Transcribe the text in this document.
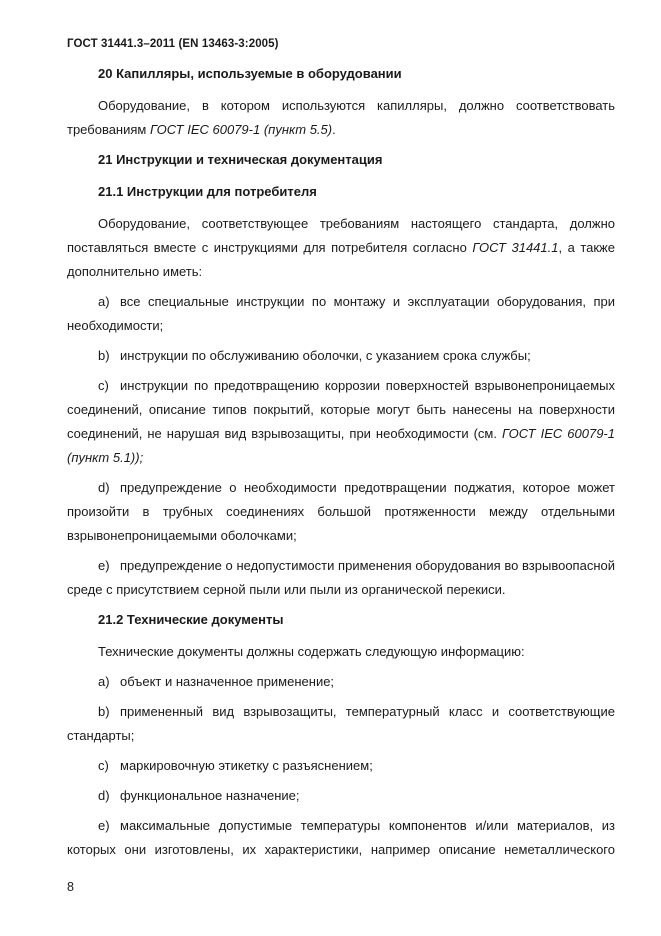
ГОСТ 31441.3–2011 (EN 13463-3:2005)

20 Капилляры, используемые в оборудовании

Оборудование, в котором используются капилляры, должно соответствовать требованиям ГОСТ IEC 60079-1 (пункт 5.5).

21 Инструкции и техническая документация

21.1 Инструкции для потребителя

Оборудование, соответствующее требованиям настоящего стандарта, должно поставляться вместе с инструкциями для потребителя согласно ГОСТ 31441.1, а также дополнительно иметь:

a) все специальные инструкции по монтажу и эксплуатации оборудования, при необходимости;

b) инструкции по обслуживанию оболочки, с указанием срока службы;

c) инструкции по предотвращению коррозии поверхностей взрывонепроницаемых соединений, описание типов покрытий, которые могут быть нанесены на поверхности соединений, не нарушая вид взрывозащиты, при необходимости (см. ГОСТ IEC 60079-1 (пункт 5.1));

d) предупреждение о необходимости предотвращении поджатия, которое может произойти в трубных соединениях большой протяженности между отдельными взрывонепроницаемыми оболочками;

e) предупреждение о недопустимости применения оборудования во взрывоопасной среде с присутствием серной пыли или пыли из органической перекиси.

21.2 Технические документы

Технические документы должны содержать следующую информацию:

a) объект и назначенное применение;

b) примененный вид взрывозащиты, температурный класс и соответствующие стандарты;

c) маркировочную этикетку с разъяснением;

d) функциональное назначение;

e) максимальные допустимые температуры компонентов и/или материалов, из которых они изготовлены, их характеристики, например описание неметаллического

8
